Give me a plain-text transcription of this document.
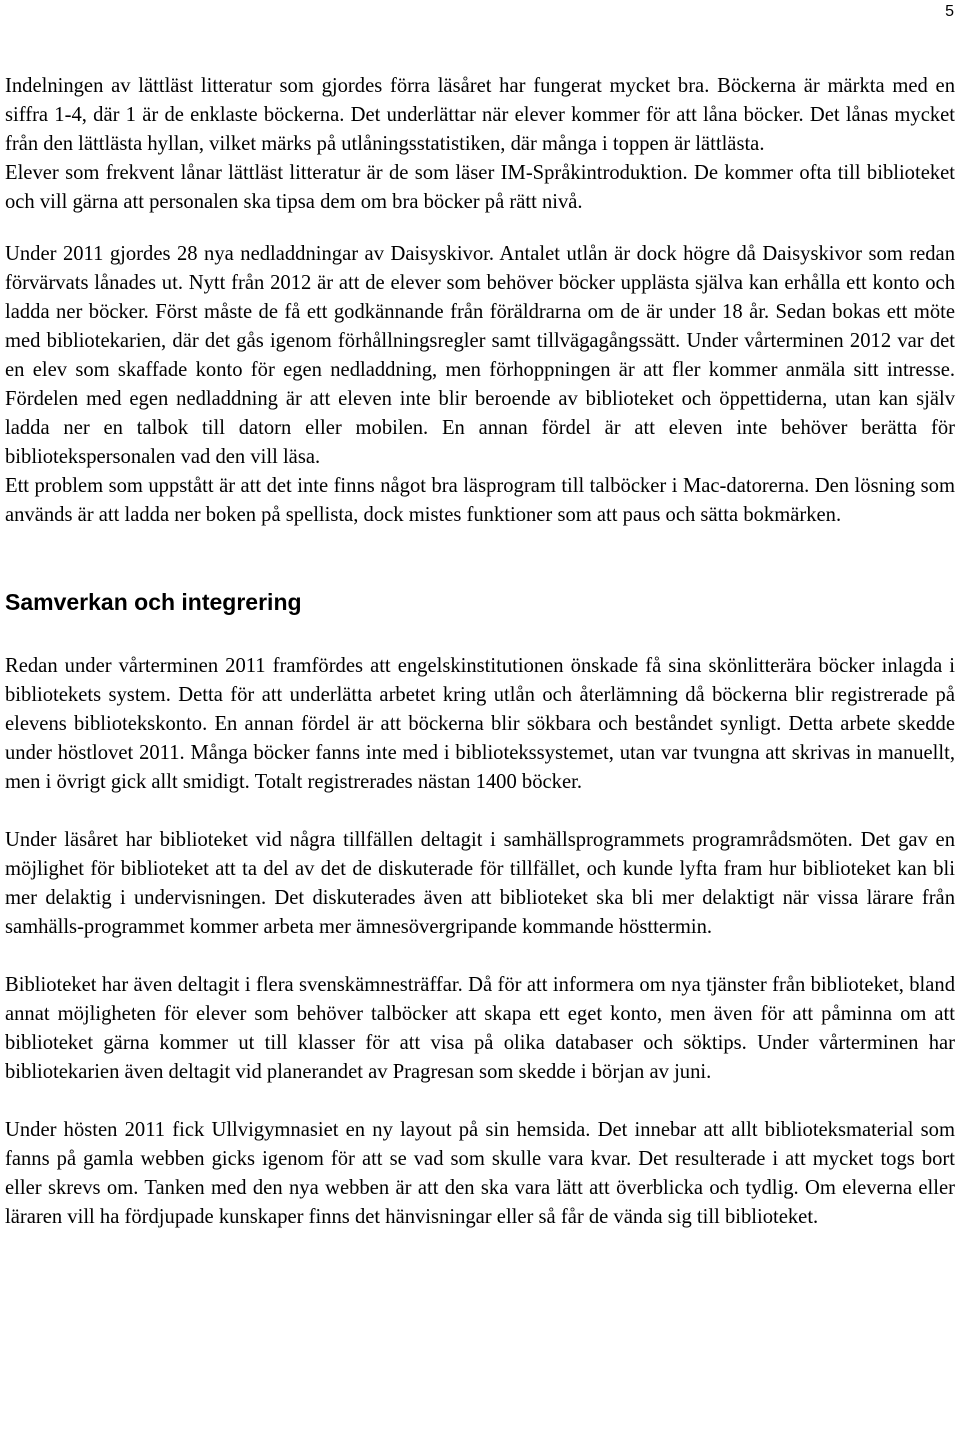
5

Indelningen av lättläst litteratur som gjordes förra läsåret har fungerat mycket bra. Böckerna är märkta med en siffra 1-4, där 1 är de enklaste böckerna. Det underlättar när elever kommer för att låna böcker. Det lånas mycket från den lättlästa hyllan, vilket märks på utlåningsstatistiken, där många i toppen är lättlästa.

Elever som frekvent lånar lättläst litteratur är de som läser IM-Språkintroduktion. De kommer ofta till biblioteket och vill gärna att personalen ska tipsa dem om bra böcker på rätt nivå.

Under 2011 gjordes 28 nya nedladdningar av Daisyskivor. Antalet utlån är dock högre då Daisyskivor som redan förvärvats lånades ut. Nytt från 2012 är att de elever som behöver böcker upplästa själva kan erhålla ett konto och ladda ner böcker. Först måste de få ett godkännande från föräldrarna om de är under 18 år. Sedan bokas ett möte med bibliotekarien, där det gås igenom förhållningsregler samt tillvägagångssätt. Under vårterminen 2012 var det en elev som skaffade konto för egen nedladdning, men förhoppningen är att fler kommer anmäla sitt intresse. Fördelen med egen nedladdning är att eleven inte blir beroende av biblioteket och öppettiderna, utan kan själv ladda ner en talbok till datorn eller mobilen. En annan fördel är att eleven inte behöver berätta för bibliotekspersonalen vad den vill läsa.

Ett problem som uppstått är att det inte finns något bra läsprogram till talböcker i Mac-datorerna. Den lösning som används är att ladda ner boken på spellista, dock mistes funktioner som att paus och sätta bokmärken.

Samverkan och integrering

Redan under vårterminen 2011 framfördes att engelskinstitutionen önskade få sina skönlitterära böcker inlagda i bibliotekets system. Detta för att underlätta arbetet kring utlån och återlämning då böckerna blir registrerade på elevens bibliotekskonto. En annan fördel är att böckerna blir sökbara och beståndet synligt. Detta arbete skedde under höstlovet 2011. Många böcker fanns inte med i bibliotekssystemet, utan var tvungna att skrivas in manuellt, men i övrigt gick allt smidigt. Totalt registrerades nästan 1400 böcker.

Under läsåret har biblioteket vid några tillfällen deltagit i samhällsprogrammets programrådsmöten. Det gav en möjlighet för biblioteket att ta del av det de diskuterade för tillfället, och kunde lyfta fram hur biblioteket kan bli mer delaktig i undervisningen. Det diskuterades även att biblioteket ska bli mer delaktigt när vissa lärare från samhälls-programmet kommer arbeta mer ämnesövergripande kommande hösttermin.

Biblioteket har även deltagit i flera svenskämnesträffar. Då för att informera om nya tjänster från biblioteket, bland annat möjligheten för elever som behöver talböcker att skapa ett eget konto, men även för att påminna om att biblioteket gärna kommer ut till klasser för att visa på olika databaser och söktips. Under vårterminen har bibliotekarien även deltagit vid planerandet av Pragresan som skedde i början av juni.

Under hösten 2011 fick Ullvigymnasiet en ny layout på sin hemsida. Det innebar att allt biblioteksmaterial som fanns på gamla webben gicks igenom för att se vad som skulle vara kvar. Det resulterade i att mycket togs bort eller skrevs om. Tanken med den nya webben är att den ska vara lätt att överblicka och tydlig. Om eleverna eller läraren vill ha fördjupade kunskaper finns det hänvisningar eller så får de vända sig till biblioteket.
